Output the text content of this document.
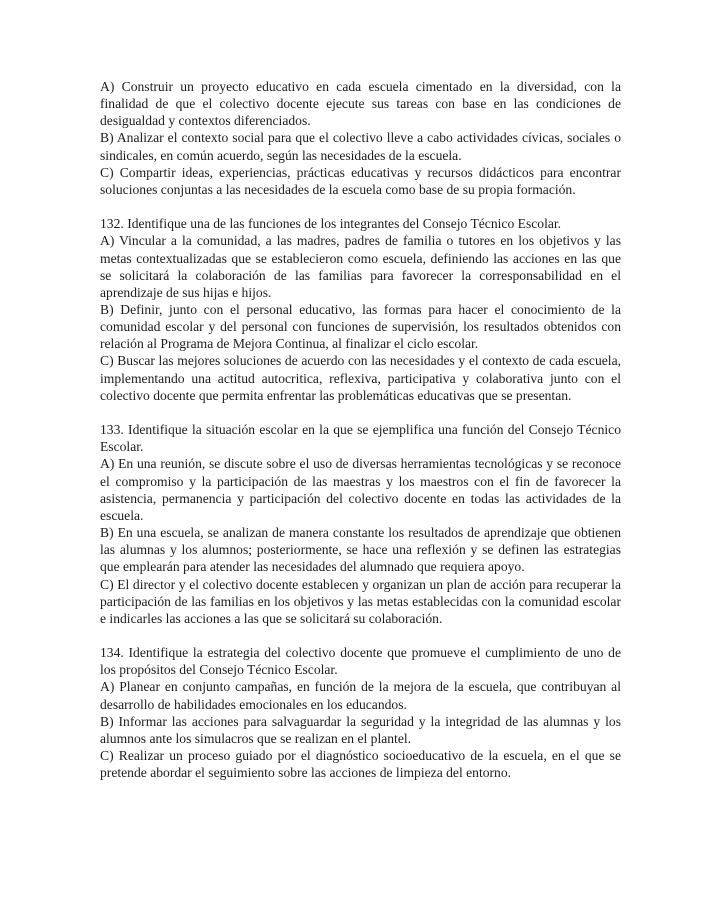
A) Construir un proyecto educativo en cada escuela cimentado en la diversidad, con la finalidad de que el colectivo docente ejecute sus tareas con base en las condiciones de desigualdad y contextos diferenciados.

B) Analizar el contexto social para que el colectivo lleve a cabo actividades cívicas, sociales o sindicales, en común acuerdo, según las necesidades de la escuela.

C) Compartir ideas, experiencias, prácticas educativas y recursos didácticos para encontrar soluciones conjuntas a las necesidades de la escuela como base de su propia formación.

132. Identifique una de las funciones de los integrantes del Consejo Técnico Escolar.

A) Vincular a la comunidad, a las madres, padres de familia o tutores en los objetivos y las metas contextualizadas que se establecieron como escuela, definiendo las acciones en las que se solicitará la colaboración de las familias para favorecer la corresponsabilidad en el aprendizaje de sus hijas e hijos.

B) Definir, junto con el personal educativo, las formas para hacer el conocimiento de la comunidad escolar y del personal con funciones de supervisión, los resultados obtenidos con relación al Programa de Mejora Continua, al finalizar el ciclo escolar.

C) Buscar las mejores soluciones de acuerdo con las necesidades y el contexto de cada escuela, implementando una actitud autocritica, reflexiva, participativa y colaborativa junto con el colectivo docente que permita enfrentar las problemáticas educativas que se presentan.

133. Identifique la situación escolar en la que se ejemplifica una función del Consejo Técnico Escolar.

A) En una reunión, se discute sobre el uso de diversas herramientas tecnológicas y se reconoce el compromiso y la participación de las maestras y los maestros con el fin de favorecer la asistencia, permanencia y participación del colectivo docente en todas las actividades de la escuela.

B) En una escuela, se analizan de manera constante los resultados de aprendizaje que obtienen las alumnas y los alumnos; posteriormente, se hace una reflexión y se definen las estrategias que emplearán para atender las necesidades del alumnado que requiera apoyo.

C) El director y el colectivo docente establecen y organizan un plan de acción para recuperar la participación de las familias en los objetivos y las metas establecidas con la comunidad escolar e indicarles las acciones a las que se solicitará su colaboración.

134. Identifique la estrategia del colectivo docente que promueve el cumplimiento de uno de los propósitos del Consejo Técnico Escolar.

A) Planear en conjunto campañas, en función de la mejora de la escuela, que contribuyan al desarrollo de habilidades emocionales en los educandos.

B) Informar las acciones para salvaguardar la seguridad y la integridad de las alumnas y los alumnos ante los simulacros que se realizan en el plantel.

C) Realizar un proceso guiado por el diagnóstico socioeducativo de la escuela, en el que se pretende abordar el seguimiento sobre las acciones de limpieza del entorno.
